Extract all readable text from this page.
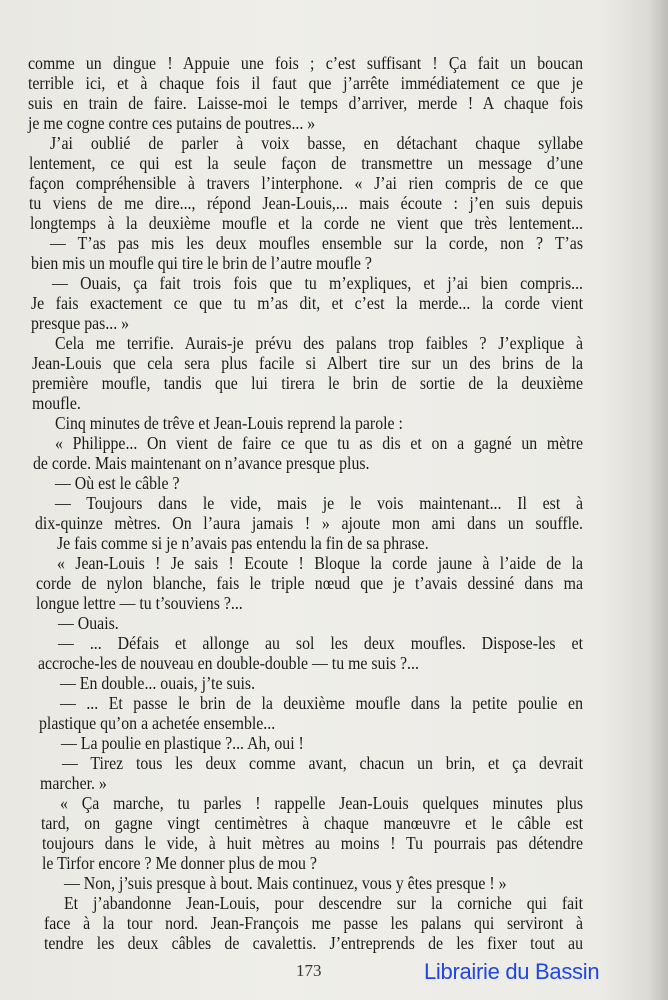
comme un dingue ! Appuie une fois ; c’est suffisant ! Ça fait un boucan
terrible ici, et à chaque fois il faut que j’arrête immédiatement ce que je
suis en train de faire. Laisse-moi le temps d’arriver, merde ! A chaque fois
je me cogne contre ces putains de poutres... »
J’ai oublié de parler à voix basse, en détachant chaque syllabe
lentement, ce qui est la seule façon de transmettre un message d’une
façon compréhensible à travers l’interphone. « J’ai rien compris de ce que
tu viens de me dire..., répond Jean-Louis,... mais écoute : j’en suis depuis
longtemps à la deuxième moufle et la corde ne vient que très lentement...
— T’as pas mis les deux moufles ensemble sur la corde, non ? T’as
bien mis un moufle qui tire le brin de l’autre moufle ?
— Ouais, ça fait trois fois que tu m’expliques, et j’ai bien compris...
Je fais exactement ce que tu m’as dit, et c’est la merde... la corde vient
presque pas... »
Cela me terrifie. Aurais-je prévu des palans trop faibles ? J’explique à
Jean-Louis que cela sera plus facile si Albert tire sur un des brins de la
première moufle, tandis que lui tirera le brin de sortie de la deuxième
moufle.
Cinq minutes de trêve et Jean-Louis reprend la parole :
« Philippe... On vient de faire ce que tu as dis et on a gagné un mètre
de corde. Mais maintenant on n’avance presque plus.
— Où est le câble ?
— Toujours dans le vide, mais je le vois maintenant... Il est à
dix-quinze mètres. On l’aura jamais ! » ajoute mon ami dans un souffle.
Je fais comme si je n’avais pas entendu la fin de sa phrase.
« Jean-Louis ! Je sais ! Ecoute ! Bloque la corde jaune à l’aide de la
corde de nylon blanche, fais le triple nœud que je t’avais dessiné dans ma
longue lettre — tu t’souviens ?...
— Ouais.
— ... Défais et allonge au sol les deux moufles. Dispose-les et
accroche-les de nouveau en double-double — tu me suis ?...
— En double... ouais, j’te suis.
— ... Et passe le brin de la deuxième moufle dans la petite poulie en
plastique qu’on a achetée ensemble...
— La poulie en plastique ?... Ah, oui !
— Tirez tous les deux comme avant, chacun un brin, et ça devrait
marcher. »
« Ça marche, tu parles ! rappelle Jean-Louis quelques minutes plus
tard, on gagne vingt centimètres à chaque manœuvre et le câble est
toujours dans le vide, à huit mètres au moins ! Tu pourrais pas détendre
le Tirfor encore ? Me donner plus de mou ?
— Non, j’suis presque à bout. Mais continuez, vous y êtes presque ! »
Et j’abandonne Jean-Louis, pour descendre sur la corniche qui fait
face à la tour nord. Jean-François me passe les palans qui serviront à
tendre les deux câbles de cavalettis. J’entreprends de les fixer tout au
173	Librairie du Bassin
